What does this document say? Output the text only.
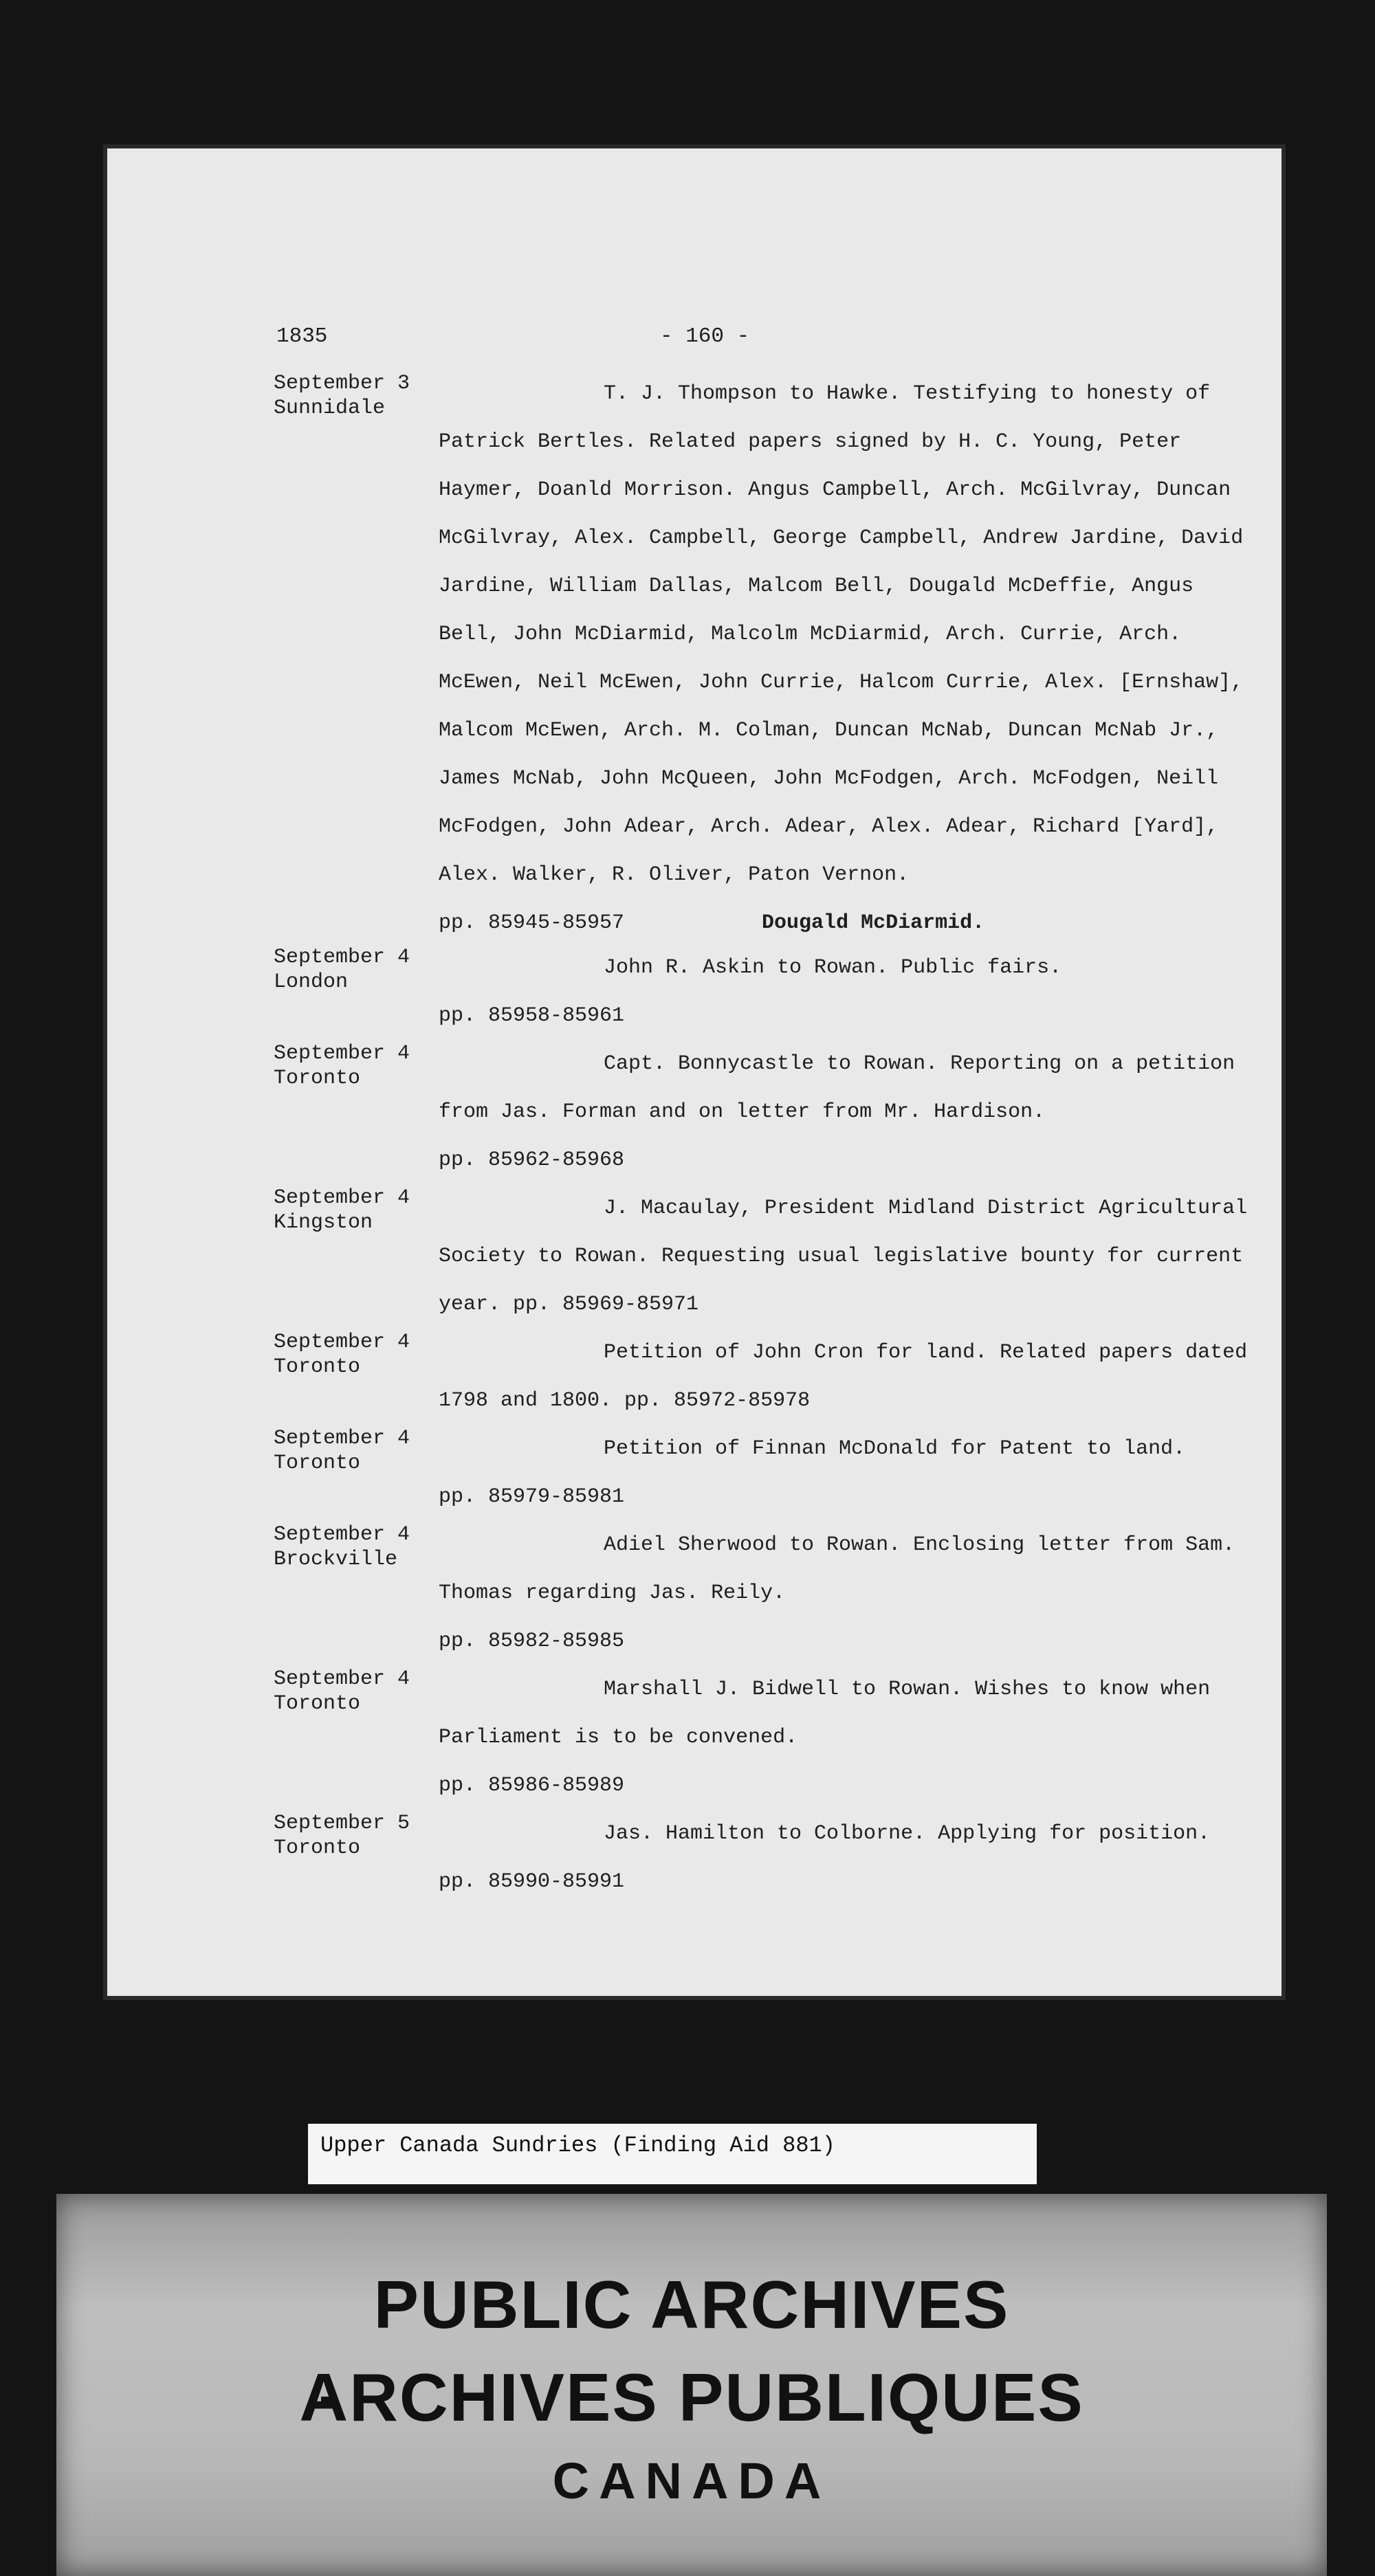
1835	- 160 -
September 3
Sunnidale
T. J. Thompson to Hawke. Testifying to honesty of Patrick Bertles. Related papers signed by H. C. Young, Peter Haymer, Doanld Morrison. Angus Campbell, Arch. McGilvray, Duncan McGilvray, Alex. Campbell, George Campbell, Andrew Jardine, David Jardine, William Dallas, Malcom Bell, Dougald McDeffie, Angus Bell, John McDiarmid, Malcolm McDiarmid, Arch. Currie, Arch. McEwen, Neil McEwen, John Currie, Halcom Currie, Alex. [Ernshaw], Malcom McEwen, Arch. M. Colman, Duncan McNab, Duncan McNab Jr., James McNab, John McQueen, John McFodgen, Arch. McFodgen, Neill McFodgen, John Adear, Arch. Adear, Alex. Adear, Richard [Yard], Alex. Walker, R. Oliver, Paton Vernon.
pp. 85945-85957	Dougald McDiarmid.
September 4
London
John R. Askin to Rowan. Public fairs.
pp. 85958-85961
September 4
Toronto
Capt. Bonnycastle to Rowan. Reporting on a petition from Jas. Forman and on letter from Mr. Hardison.
pp. 85962-85968
September 4
Kingston
J. Macaulay, President Midland District Agricultural Society to Rowan. Requesting usual legislative bounty for current year. pp. 85969-85971
September 4
Toronto
Petition of John Cron for land. Related papers dated 1798 and 1800. pp. 85972-85978
September 4
Toronto
Petition of Finnan McDonald for Patent to land.
pp. 85979-85981
September 4
Brockville
Adiel Sherwood to Rowan. Enclosing letter from Sam. Thomas regarding Jas. Reily.
pp. 85982-85985
September 4
Toronto
Marshall J. Bidwell to Rowan. Wishes to know when Parliament is to be convened.
pp. 85986-85989
September 5
Toronto
Jas. Hamilton to Colborne. Applying for position. pp. 85990-85991
Upper Canada Sundries (Finding Aid 881)
PUBLIC ARCHIVES
ARCHIVES PUBLIQUES
CANADA
